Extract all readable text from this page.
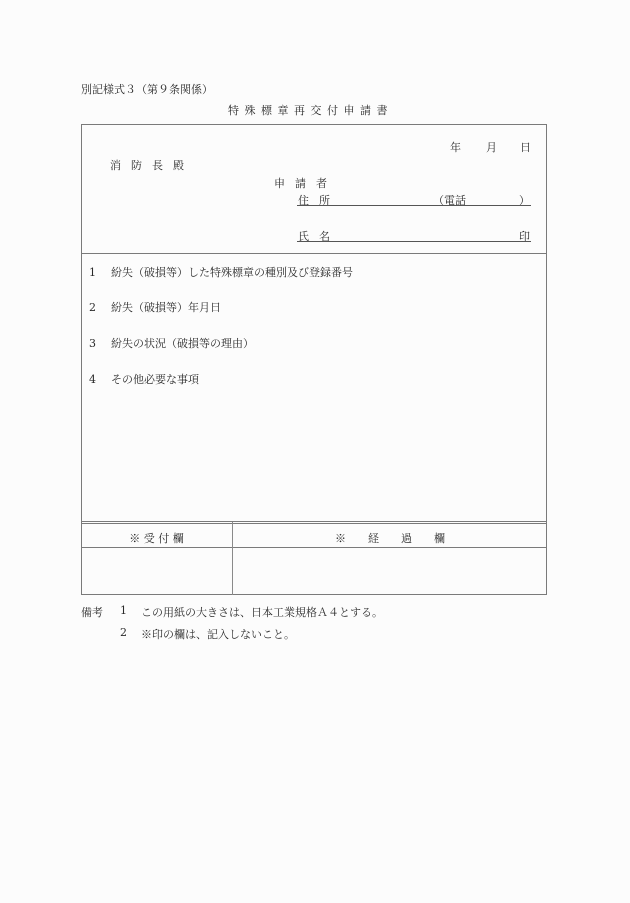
別記様式３（第９条関係）
特殊標章再交付申請書
年 月 日
消防長殿
申請者
住所	（電話	）
氏名	印
1 紛失（破損等）した特殊標章の種別及び登録番号
2 紛失（破損等）年月日
3 紛失の状況（破損等の理由）
4 その他必要な事項
※ 受 付 欄	※　　経　　過　　欄
備考 1 この用紙の大きさは、日本工業規格Ａ４とする。
2 ※印の欄は、記入しないこと。
